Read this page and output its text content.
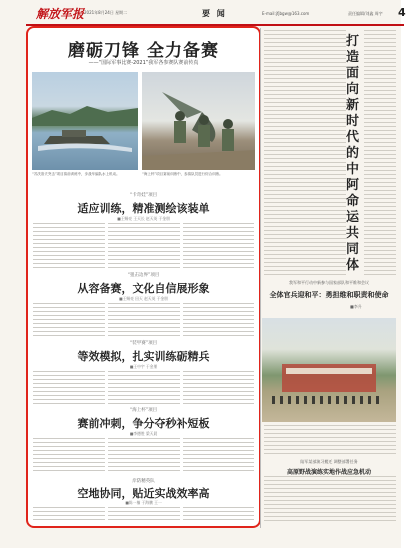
解放军报 2021年8月24日 星期二	要 闻	E-mail:jfjbgw@163.com	责任编辑/刘鑫 周宇 4
磨砺刀锋 全力备赛
——“国际军事比赛-2021”我军各参赛队赛前传真
“苏沃洛夫突击”项目赛前训练中，步战车编队水上机动。	“海上杯”项目赛前训练中，参赛队员进行综合训练。
“卡奇娃”项目
适应训练，精准测绘该装单
■王赐亮 王天长 赵天英 于金朋
“狙击边界”项目
从容备赛，文化自信展形象
■王赐亮 田天 赵天英 于金朋
“装甲赛”项目
等效模拟，扎实训练砺精兵
■王中宇 于金朋
“海上杯”项目
赛前冲刺，争分夺秒补短板
■李德胜 梁天晨
岸防精英队
空地协同，贴近实战效率高
■陈一楠 于海鹏 王一
打造面向新时代的中阿命运共同体
■李升
我军和平行动中新参与国家部队和平维和会议
全体官兵迎和平：勇担维和职责和使命
陆军某部演习搬迁 调整部署任务
高原野战演练实地作战应急机动
